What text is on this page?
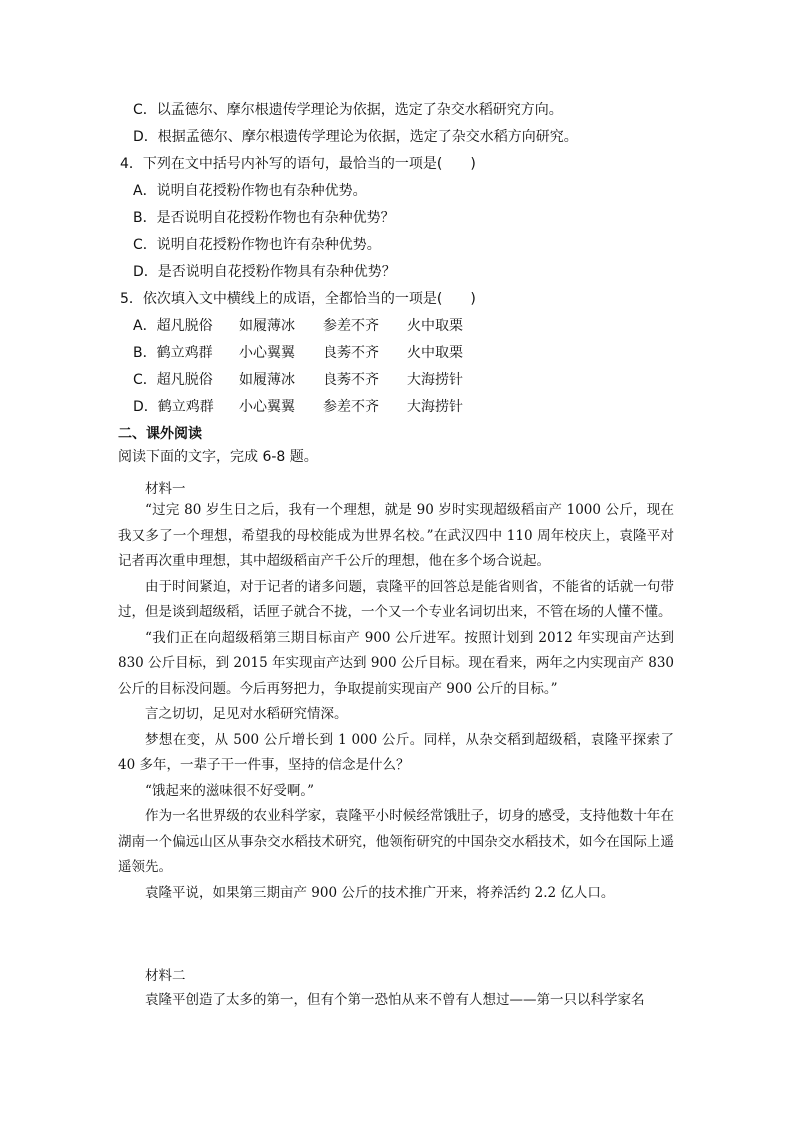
C．以孟德尔、摩尔根遗传学理论为依据，选定了杂交水稻研究方向。
D．根据孟德尔、摩尔根遗传学理论为依据，选定了杂交水稻方向研究。
4．下列在文中括号内补写的语句，最恰当的一项是(　　)
A．说明自花授粉作物也有杂种优势。
B．是否说明自花授粉作物也有杂种优势？
C．说明自花授粉作物也许有杂种优势。
D．是否说明自花授粉作物具有杂种优势？
5．依次填入文中横线上的成语，全都恰当的一项是(　　)
A．超凡脱俗 如履薄冰 参差不齐 火中取栗
B．鹤立鸡群 小心翼翼 良莠不齐 火中取栗
C．超凡脱俗 如履薄冰 良莠不齐 大海捞针
D．鹤立鸡群 小心翼翼 参差不齐 大海捞针
二、课外阅读
阅读下面的文字，完成 6-8 题。
材料一

“过完 80 岁生日之后，我有一个理想，就是 90 岁时实现超级稻亩产 1000 公斤，现在我又多了一个理想，希望我的母校能成为世界名校。”在武汉四中 110 周年校庆上，袁隆平对记者再次重申理想，其中超级稻亩产千公斤的理想，他在多个场合说起。

由于时间紧迫，对于记者的诸多问题，袁隆平的回答总是能省则省，不能省的话就一句带过，但是谈到超级稻，话匣子就合不拢，一个又一个专业名词切出来，不管在场的人懂不懂。

“我们正在向超级稻第三期目标亩产 900 公斤进军。按照计划到 2012 年实现亩产达到 830 公斤目标，到 2015 年实现亩产达到 900 公斤目标。现在看来，两年之内实现亩产 830 公斤的目标没问题。今后再努把力，争取提前实现亩产 900 公斤的目标。”

言之切切，足见对水稻研究情深。

梦想在变，从 500 公斤增长到 1 000 公斤。同样，从杂交稻到超级稻，袁隆平探索了 40 多年，一辈子干一件事，坚持的信念是什么？

“饿起来的滋味很不好受啊。”

作为一名世界级的农业科学家，袁隆平小时候经常饿肚子，切身的感受，支持他数十年在湖南一个偏远山区从事杂交水稻技术研究，他领衔研究的中国杂交水稻技术，如今在国际上遥遥领先。

袁隆平说，如果第三期亩产 900 公斤的技术推广开来，将养活约 2.2 亿人口。

材料二

袁隆平创造了太多的第一，但有个第一恐怕从来不曾有人想过——第一只以科学家名
